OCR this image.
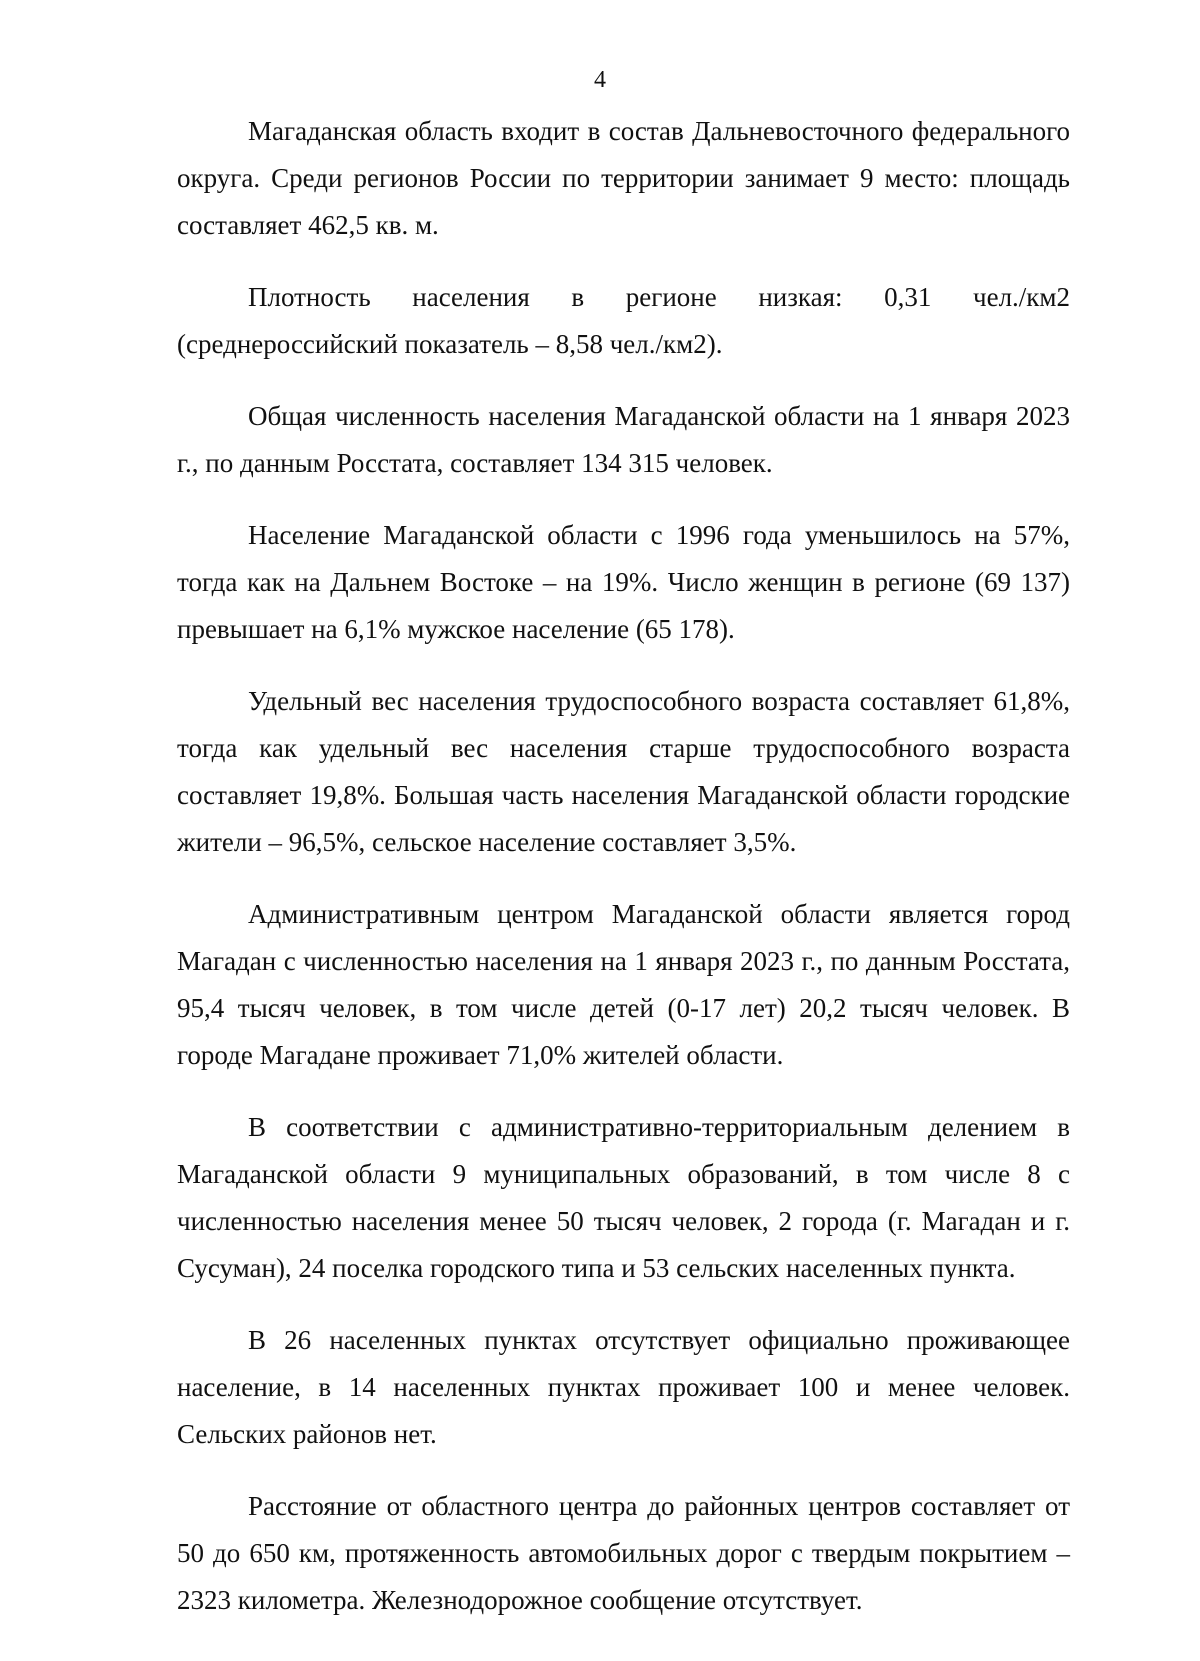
4

Магаданская область входит в состав Дальневосточного федерального округа. Среди регионов России по территории занимает 9 место: площадь составляет 462,5 кв. м.

Плотность населения в регионе низкая: 0,31 чел./км2 (среднероссийский показатель – 8,58 чел./км2).

Общая численность населения Магаданской области на 1 января 2023 г., по данным Росстата, составляет 134 315 человек.

Население Магаданской области с 1996 года уменьшилось на 57%, тогда как на Дальнем Востоке – на 19%. Число женщин в регионе (69 137) превышает на 6,1% мужское население (65 178).

Удельный вес населения трудоспособного возраста составляет 61,8%, тогда как удельный вес населения старше трудоспособного возраста составляет 19,8%. Большая часть населения Магаданской области городские жители – 96,5%, сельское население составляет 3,5%.

Административным центром Магаданской области является город Магадан с численностью населения на 1 января 2023 г., по данным Росстата, 95,4 тысяч человек, в том числе детей (0-17 лет) 20,2 тысяч человек. В городе Магадане проживает 71,0% жителей области.

В соответствии с административно-территориальным делением в Магаданской области 9 муниципальных образований, в том числе 8 с численностью населения менее 50 тысяч человек, 2 города (г. Магадан и г. Сусуман), 24 поселка городского типа и 53 сельских населенных пункта.

В 26 населенных пунктах отсутствует официально проживающее население, в 14 населенных пунктах проживает 100 и менее человек. Сельских районов нет.

Расстояние от областного центра до районных центров составляет от 50 до 650 км, протяженность автомобильных дорог с твердым покрытием – 2323 километра. Железнодорожное сообщение отсутствует.
